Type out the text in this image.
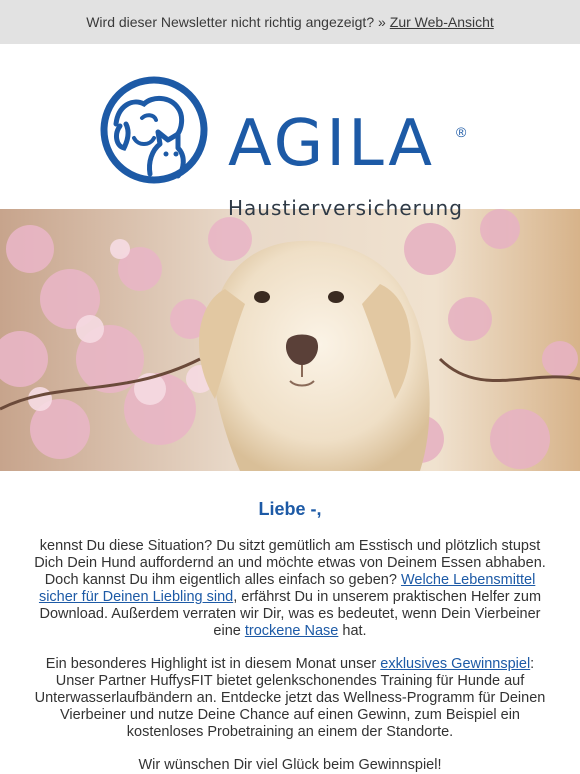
Wird dieser Newsletter nicht richtig angezeigt? » Zur Web-Ansicht
AGILA ®
Haustierversicherung
Liebe -,

kennst Du diese Situation? Du sitzt gemütlich am Esstisch und plötzlich stupst Dich Dein Hund auffordernd an und möchte etwas von Deinem Essen abhaben. Doch kannst Du ihm eigentlich alles einfach so geben? Welche Lebensmittel sicher für Deinen Liebling sind, erfährst Du in unserem praktischen Helfer zum Download. Außerdem verraten wir Dir, was es bedeutet, wenn Dein Vierbeiner eine trockene Nase hat.

Ein besonderes Highlight ist in diesem Monat unser exklusives Gewinnspiel: Unser Partner HuffysFIT bietet gelenkschonendes Training für Hunde auf Unterwasserlaufbändern an. Entdecke jetzt das Wellness-Programm für Deinen Vierbeiner und nutze Deine Chance auf einen Gewinn, zum Beispiel ein kostenloses Probetraining an einem der Standorte.

Wir wünschen Dir viel Glück beim Gewinnspiel!
